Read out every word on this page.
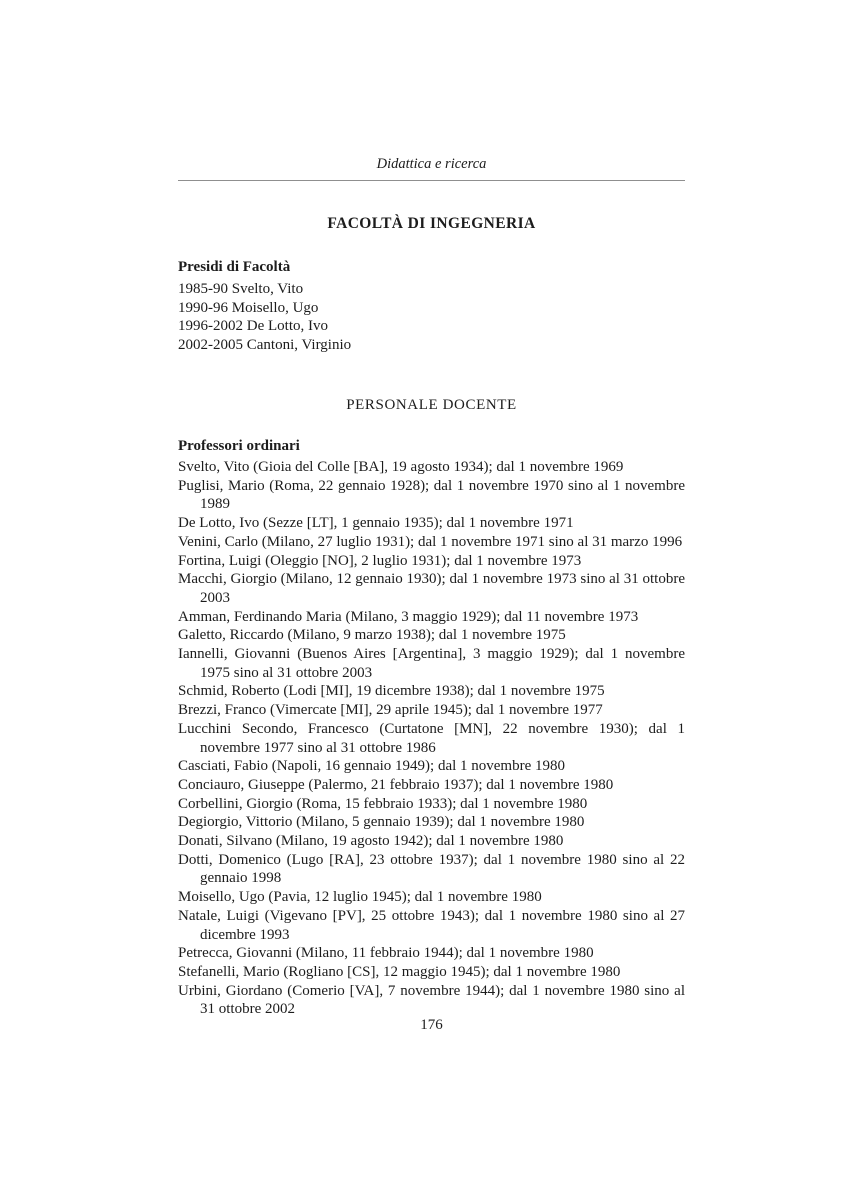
Didattica e ricerca
FACOLTÀ DI INGEGNERIA
Presidi di Facoltà
1985-90 Svelto, Vito
1990-96 Moisello, Ugo
1996-2002 De Lotto, Ivo
2002-2005 Cantoni, Virginio
PERSONALE DOCENTE
Professori ordinari
Svelto, Vito (Gioia del Colle [BA], 19 agosto 1934); dal 1 novembre 1969
Puglisi, Mario (Roma, 22 gennaio 1928); dal 1 novembre 1970 sino al 1 novembre 1989
De Lotto, Ivo (Sezze [LT], 1 gennaio 1935); dal 1 novembre 1971
Venini, Carlo (Milano, 27 luglio 1931); dal 1 novembre 1971 sino al 31 marzo 1996
Fortina, Luigi (Oleggio [NO], 2 luglio 1931); dal 1 novembre 1973
Macchi, Giorgio (Milano, 12 gennaio 1930); dal 1 novembre 1973 sino al 31 ottobre 2003
Amman, Ferdinando Maria (Milano, 3 maggio 1929); dal 11 novembre 1973
Galetto, Riccardo (Milano, 9 marzo 1938); dal 1 novembre 1975
Iannelli, Giovanni (Buenos Aires [Argentina], 3 maggio 1929); dal 1 novembre 1975 sino al 31 ottobre 2003
Schmid, Roberto (Lodi [MI], 19 dicembre 1938); dal 1 novembre 1975
Brezzi, Franco (Vimercate [MI], 29 aprile 1945); dal 1 novembre 1977
Lucchini Secondo, Francesco (Curtatone [MN], 22 novembre 1930); dal 1 novembre 1977 sino al 31 ottobre 1986
Casciati, Fabio (Napoli, 16 gennaio 1949); dal 1 novembre 1980
Conciauro, Giuseppe (Palermo, 21 febbraio 1937); dal 1 novembre 1980
Corbellini, Giorgio (Roma, 15 febbraio 1933); dal 1 novembre 1980
Degiorgio, Vittorio (Milano, 5 gennaio 1939); dal 1 novembre 1980
Donati, Silvano (Milano, 19 agosto 1942); dal 1 novembre 1980
Dotti, Domenico (Lugo [RA], 23 ottobre 1937); dal 1 novembre 1980 sino al 22 gennaio 1998
Moisello, Ugo (Pavia, 12 luglio 1945); dal 1 novembre 1980
Natale, Luigi (Vigevano [PV], 25 ottobre 1943); dal 1 novembre 1980 sino al 27 dicembre 1993
Petrecca, Giovanni (Milano, 11 febbraio 1944); dal 1 novembre 1980
Stefanelli, Mario (Rogliano [CS], 12 maggio 1945); dal 1 novembre 1980
Urbini, Giordano (Comerio [VA], 7 novembre 1944); dal 1 novembre 1980 sino al 31 ottobre 2002
176
